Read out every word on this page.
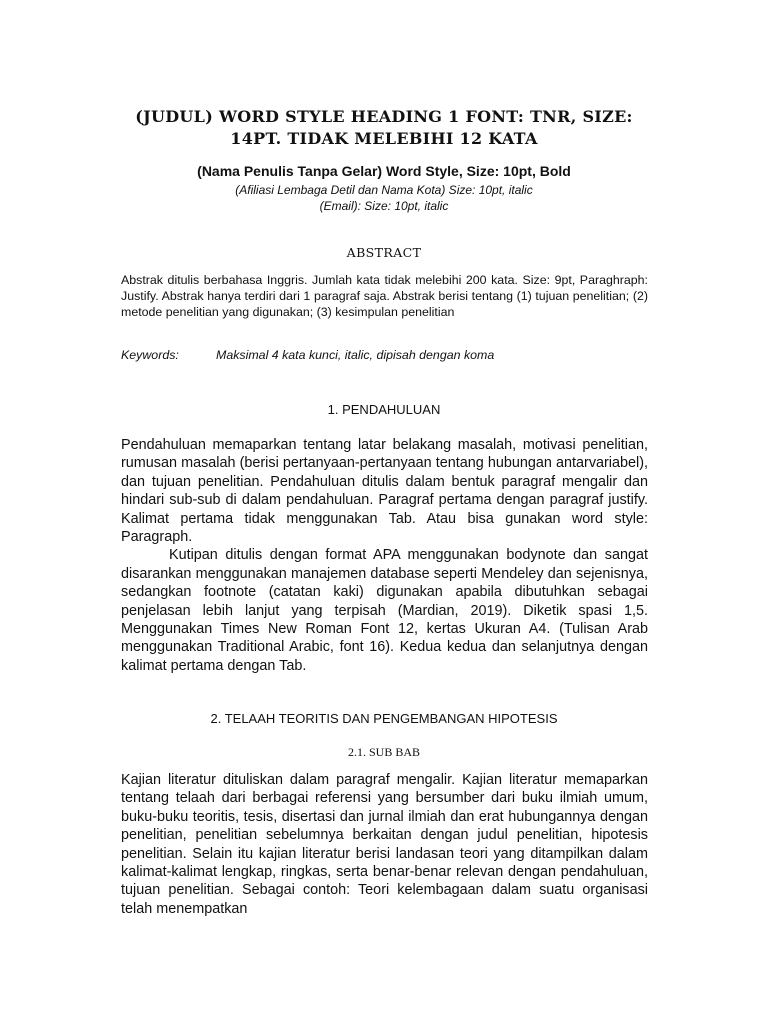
(JUDUL) WORD STYLE HEADING 1 FONT: TNR, SIZE: 14PT. TIDAK MELEBIHI 12 KATA
(Nama Penulis Tanpa Gelar) Word Style, Size: 10pt, Bold
(Afiliasi Lembaga Detil dan Nama Kota) Size: 10pt, italic
(Email): Size: 10pt, italic
ABSTRACT
Abstrak ditulis berbahasa Inggris. Jumlah kata tidak melebihi 200 kata. Size: 9pt, Paraghraph: Justify. Abstrak hanya terdiri dari 1 paragraf saja. Abstrak berisi tentang (1) tujuan penelitian; (2) metode penelitian yang digunakan; (3) kesimpulan penelitian
Keywords:	Maksimal 4 kata kunci, italic, dipisah dengan koma
1. PENDAHULUAN

Pendahuluan memaparkan tentang latar belakang masalah, motivasi penelitian, rumusan masalah (berisi pertanyaan-pertanyaan tentang hubungan antarvariabel), dan tujuan penelitian. Pendahuluan ditulis dalam bentuk paragraf mengalir dan hindari sub-sub di dalam pendahuluan. Paragraf pertama dengan paragraf justify. Kalimat pertama tidak menggunakan Tab. Atau bisa gunakan word style: Paragraph.

Kutipan ditulis dengan format APA menggunakan bodynote dan sangat disarankan menggunakan manajemen database seperti Mendeley dan sejenisnya, sedangkan footnote (catatan kaki) digunakan apabila dibutuhkan sebagai penjelasan lebih lanjut yang terpisah (Mardian, 2019). Diketik spasi 1,5. Menggunakan Times New Roman Font 12, kertas Ukuran A4. (Tulisan Arab menggunakan Traditional Arabic, font 16). Kedua kedua dan selanjutnya dengan kalimat pertama dengan Tab.

2. TELAAH TEORITIS DAN PENGEMBANGAN HIPOTESIS
2.1. SUB BAB

Kajian literatur dituliskan dalam paragraf mengalir. Kajian literatur memaparkan tentang telaah dari berbagai referensi yang bersumber dari buku ilmiah umum, buku-buku teoritis, tesis, disertasi dan jurnal ilmiah dan erat hubungannya dengan penelitian, penelitian sebelumnya berkaitan dengan judul penelitian, hipotesis penelitian. Selain itu kajian literatur berisi landasan teori yang ditampilkan dalam kalimat-kalimat lengkap, ringkas, serta benar-benar relevan dengan pendahuluan, tujuan penelitian. Sebagai contoh: Teori kelembagaan dalam suatu organisasi telah menempatkan
